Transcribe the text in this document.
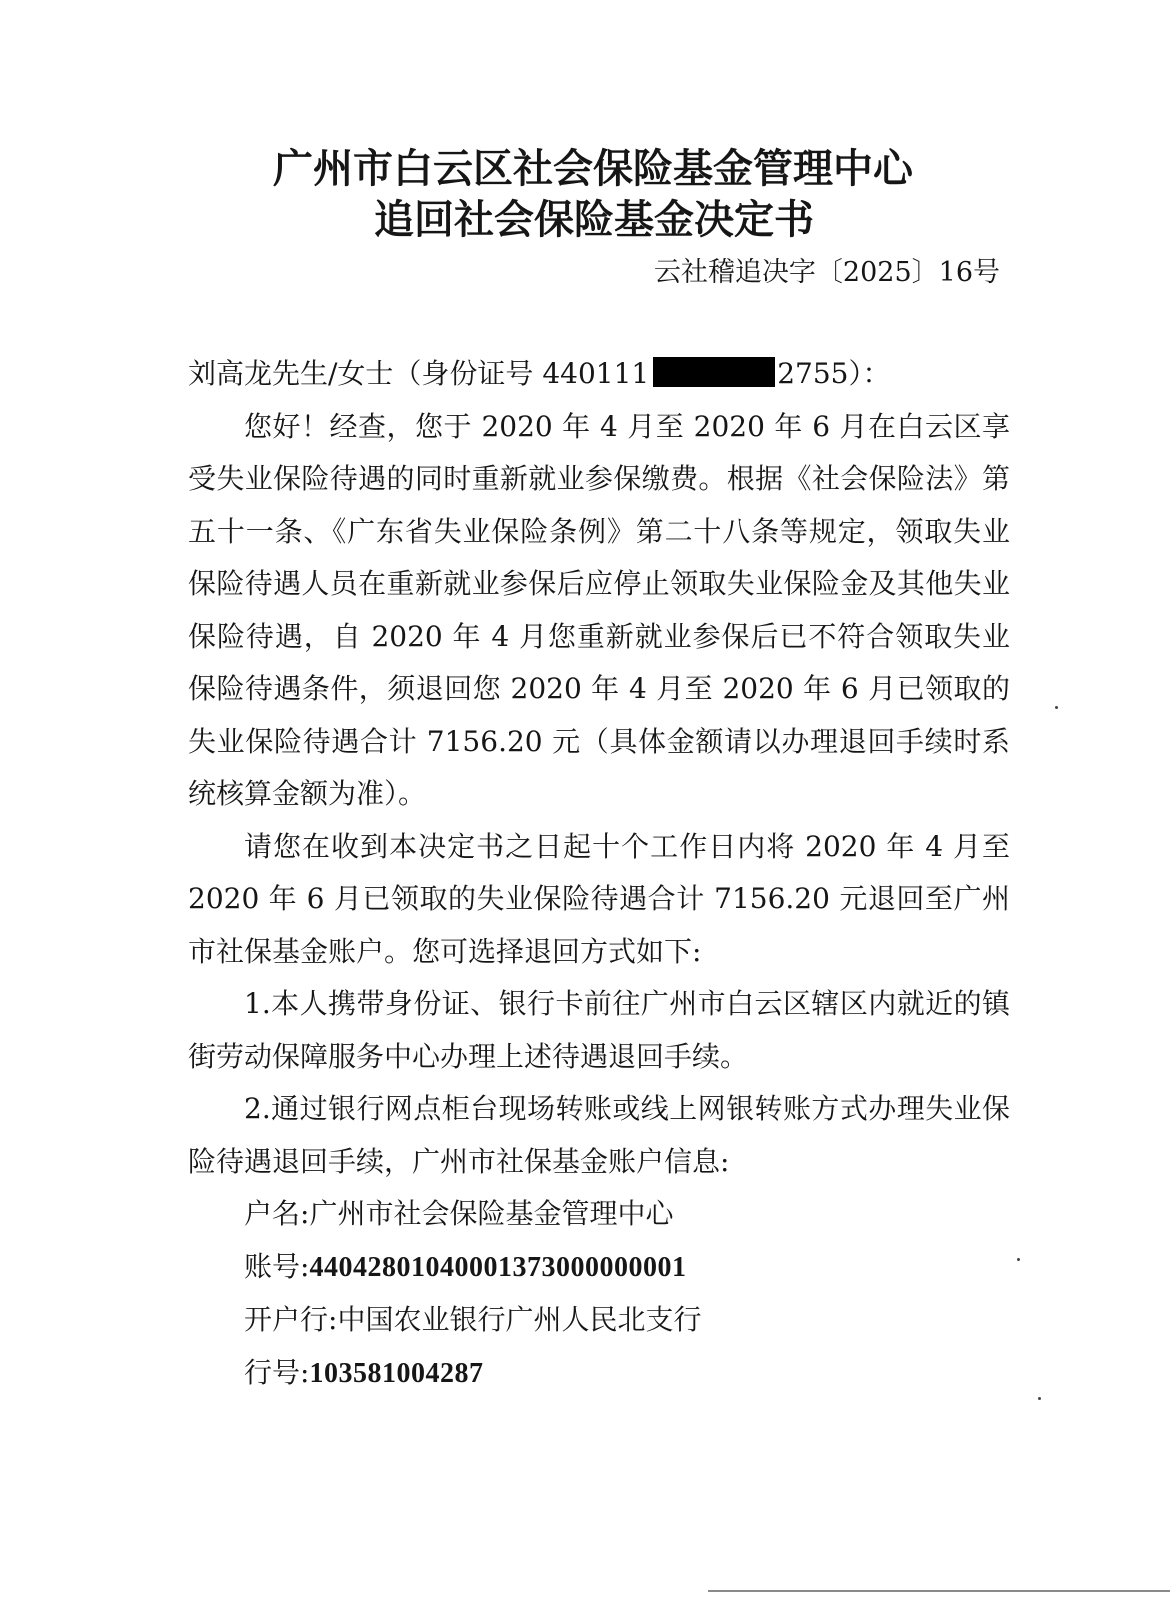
广州市白云区社会保险基金管理中心
追回社会保险基金决定书
云社稽追决字〔2025〕16号

刘高龙先生/女士（身份证号 440111	2755）：

您好！经查，您于 2020 年 4 月至 2020 年 6 月在白云区享受失业保险待遇的同时重新就业参保缴费。根据《社会保险法》第五十一条、《广东省失业保险条例》第二十八条等规定，领取失业保险待遇人员在重新就业参保后应停止领取失业保险金及其他失业保险待遇，自 2020 年 4 月您重新就业参保后已不符合领取失业保险待遇条件，须退回您 2020 年 4 月至 2020 年 6 月已领取的失业保险待遇合计 7156.20 元（具体金额请以办理退回手续时系统核算金额为准）。

请您在收到本决定书之日起十个工作日内将 2020 年 4 月至 2020 年 6 月已领取的失业保险待遇合计 7156.20 元退回至广州市社保基金账户。您可选择退回方式如下:

1.本人携带身份证、银行卡前往广州市白云区辖区内就近的镇街劳动保障服务中心办理上述待遇退回手续。

2.通过银行网点柜台现场转账或线上网银转账方式办理失业保险待遇退回手续，广州市社保基金账户信息:

户名:广州市社会保险基金管理中心

账号:44042801040001373000000001

开户行:中国农业银行广州人民北支行

行号:103581004287
